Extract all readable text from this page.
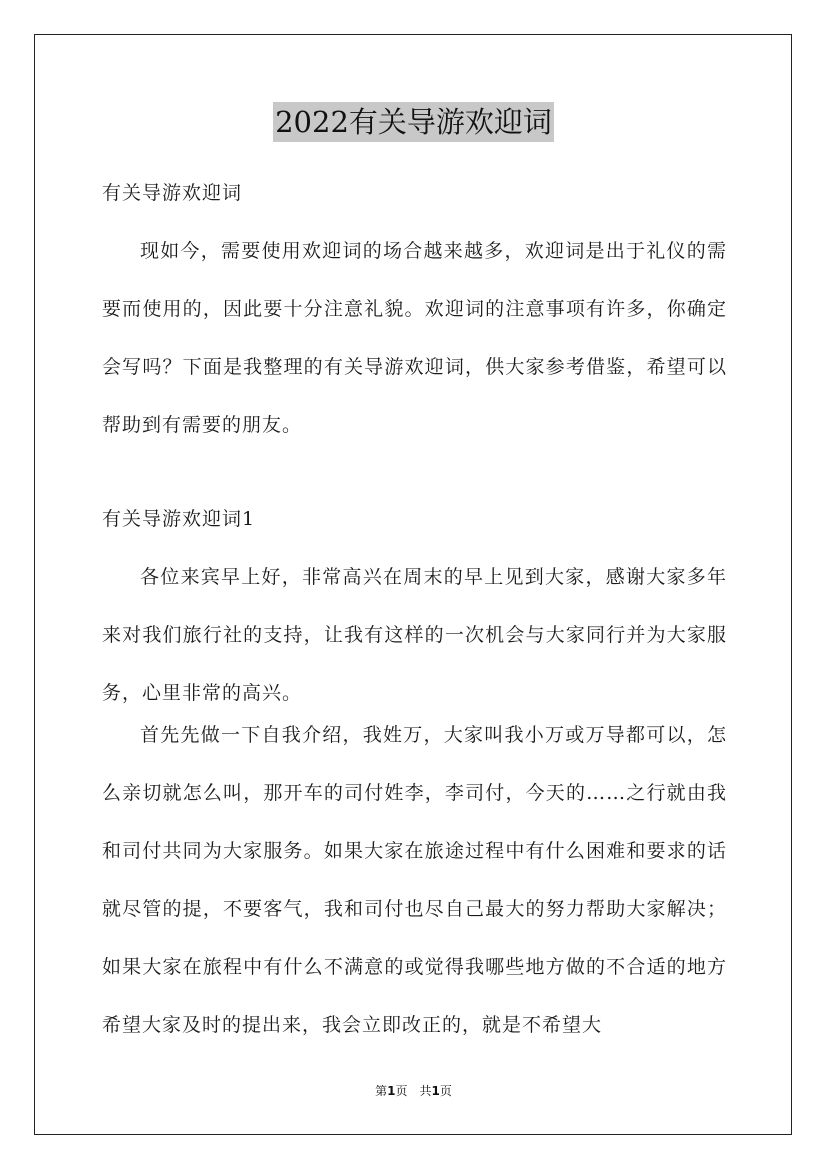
2022有关导游欢迎词

有关导游欢迎词

现如今，需要使用欢迎词的场合越来越多，欢迎词是出于礼仪的需要而使用的，因此要十分注意礼貌。欢迎词的注意事项有许多，你确定会写吗？下面是我整理的有关导游欢迎词，供大家参考借鉴，希望可以帮助到有需要的朋友。

有关导游欢迎词1

各位来宾早上好，非常高兴在周末的早上见到大家，感谢大家多年来对我们旅行社的支持，让我有这样的一次机会与大家同行并为大家服务，心里非常的高兴。

首先先做一下自我介绍，我姓万，大家叫我小万或万导都可以，怎么亲切就怎么叫，那开车的司付姓李，李司付，今天的……之行就由我和司付共同为大家服务。如果大家在旅途过程中有什么困难和要求的话就尽管的提，不要客气，我和司付也尽自己最大的努力帮助大家解决；如果大家在旅程中有什么不满意的或觉得我哪些地方做的不合适的地方希望大家及时的提出来，我会立即改正的，就是不希望大

第1页 共1页
